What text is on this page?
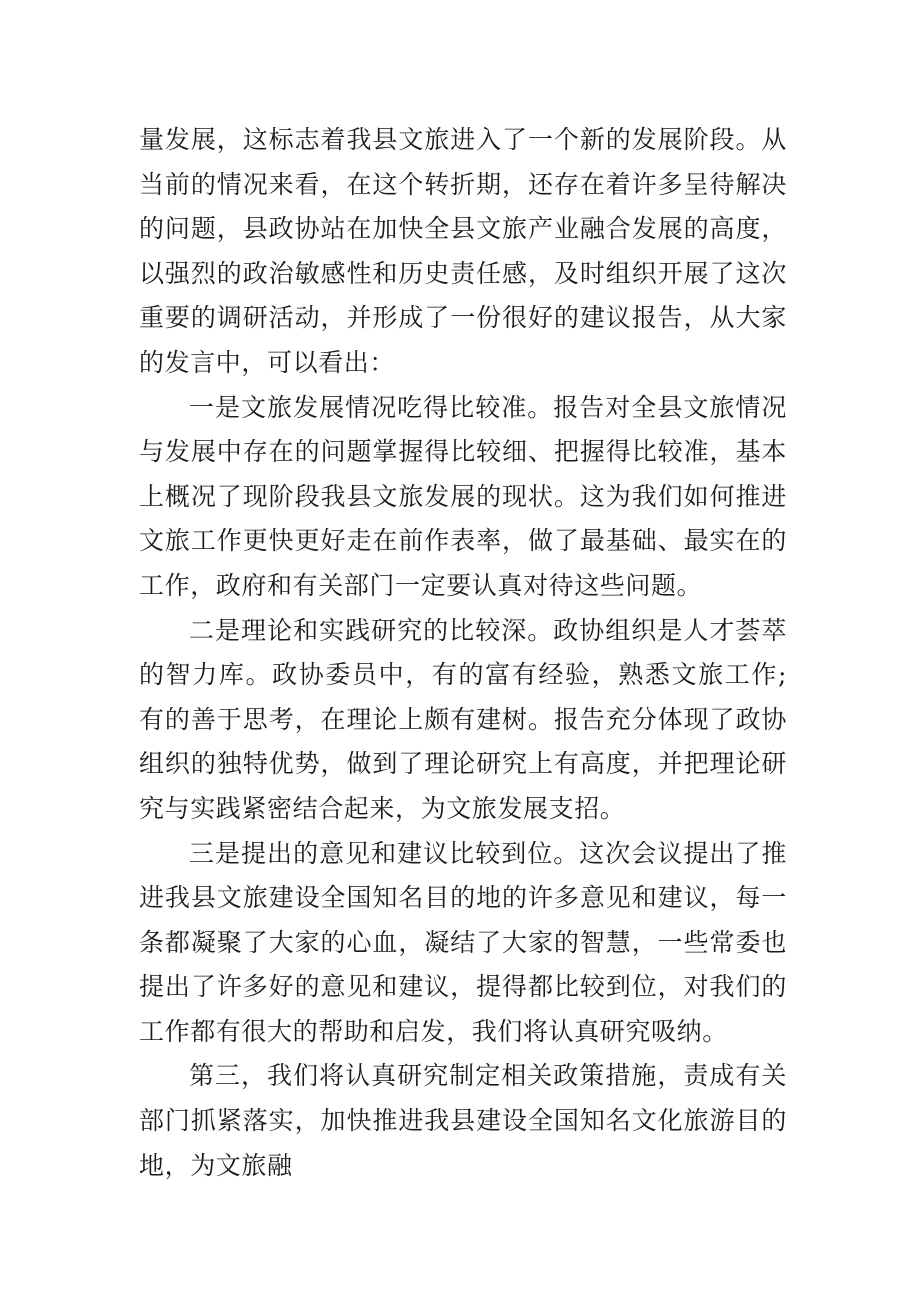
量发展，这标志着我县文旅进入了一个新的发展阶段。从当前的情况来看，在这个转折期，还存在着许多呈待解决的问题，县政协站在加快全县文旅产业融合发展的高度，以强烈的政治敏感性和历史责任感，及时组织开展了这次重要的调研活动，并形成了一份很好的建议报告，从大家的发言中，可以看出：

一是文旅发展情况吃得比较准。报告对全县文旅情况与发展中存在的问题掌握得比较细、把握得比较准，基本上概况了现阶段我县文旅发展的现状。这为我们如何推进文旅工作更快更好走在前作表率，做了最基础、最实在的工作，政府和有关部门一定要认真对待这些问题。

二是理论和实践研究的比较深。政协组织是人才荟萃的智力库。政协委员中，有的富有经验，熟悉文旅工作;有的善于思考，在理论上颇有建树。报告充分体现了政协组织的独特优势，做到了理论研究上有高度，并把理论研究与实践紧密结合起来，为文旅发展支招。

三是提出的意见和建议比较到位。这次会议提出了推进我县文旅建设全国知名目的地的许多意见和建议，每一条都凝聚了大家的心血，凝结了大家的智慧，一些常委也提出了许多好的意见和建议，提得都比较到位，对我们的工作都有很大的帮助和启发，我们将认真研究吸纳。

第三，我们将认真研究制定相关政策措施，责成有关部门抓紧落实，加快推进我县建设全国知名文化旅游目的地，为文旅融
